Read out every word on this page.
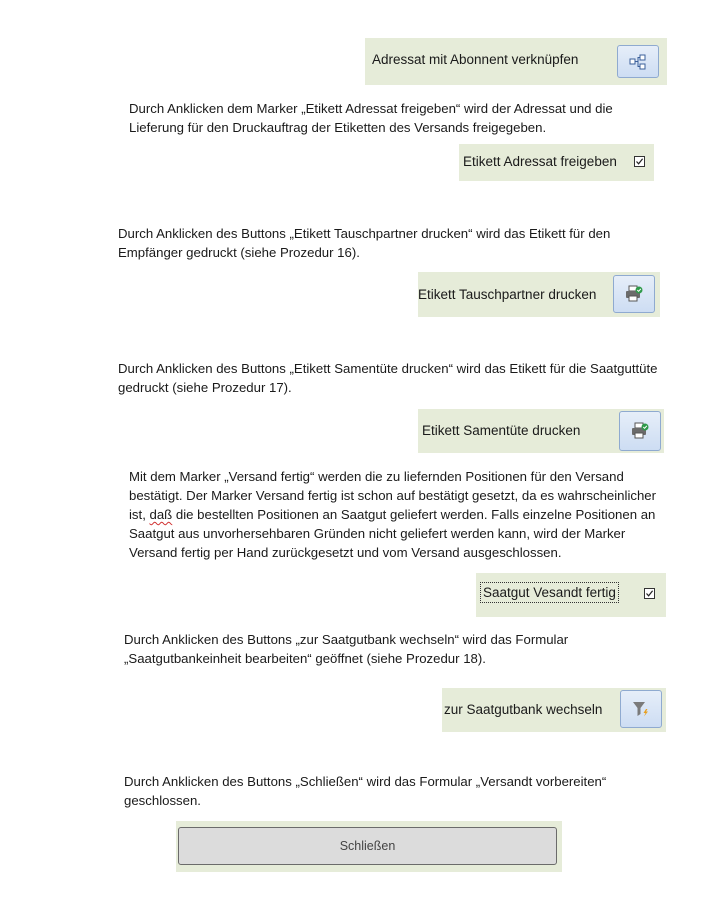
Adressat mit Abonnent verknüpfen

Durch Anklicken dem Marker „Etikett Adressat freigeben“ wird der Adressat und die
Lieferung für den Druckauftrag der Etiketten des Versands freigegeben.

Etikett Adressat freigeben

Durch Anklicken des Buttons „Etikett Tauschpartner drucken“ wird das Etikett für den
Empfänger gedruckt (siehe Prozedur 16).

Etikett Tauschpartner drucken

Durch Anklicken des Buttons „Etikett Samentüte drucken“ wird das Etikett für die Saatguttüte
gedruckt (siehe Prozedur 17).

Etikett Samentüte drucken

Mit dem Marker „Versand fertig“ werden die zu liefernden Positionen für den Versand
bestätigt. Der Marker Versand fertig ist schon auf bestätigt gesetzt, da es wahrscheinlicher
ist, daß die bestellten Positionen an Saatgut geliefert werden. Falls einzelne Positionen an
Saatgut aus unvorhersehbaren Gründen nicht geliefert werden kann, wird der Marker
Versand fertig per Hand zurückgesetzt und vom Versand ausgeschlossen.

Saatgut Vesandt fertig

Durch Anklicken des Buttons „zur Saatgutbank wechseln“ wird das Formular
„Saatgutbankeinheit bearbeiten“ geöffnet (siehe Prozedur 18).

zur Saatgutbank wechseln

Durch Anklicken des Buttons „Schließen“ wird das Formular „Versandt vorbereiten“
geschlossen.

Schließen
